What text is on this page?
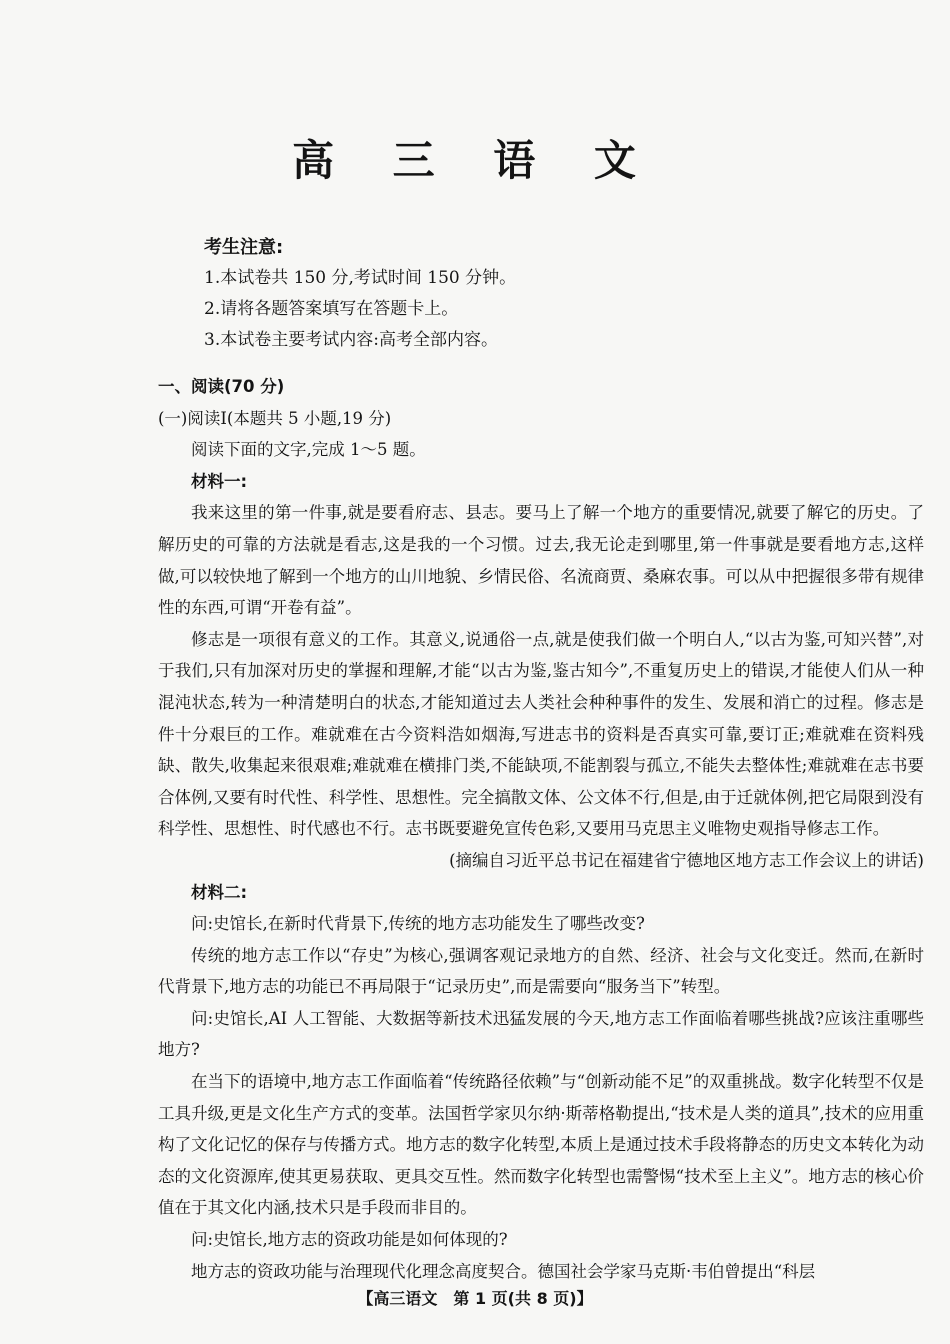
高 三 语 文
考生注意:
1.本试卷共 150 分,考试时间 150 分钟。
2.请将各题答案填写在答题卡上。
3.本试卷主要考试内容:高考全部内容。
一、阅读(70 分)
(一)阅读Ⅰ(本题共 5 小题,19 分)
阅读下面的文字,完成 1～5 题。
材料一:

我来这里的第一件事,就是要看府志、县志。要马上了解一个地方的重要情况,就要了解它的历史。了解历史的可靠的方法就是看志,这是我的一个习惯。过去,我无论走到哪里,第一件事就是要看地方志,这样做,可以较快地了解到一个地方的山川地貌、乡情民俗、名流商贾、桑麻农事。可以从中把握很多带有规律性的东西,可谓“开卷有益”。

修志是一项很有意义的工作。其意义,说通俗一点,就是使我们做一个明白人,“以古为鉴,可知兴替”,对于我们,只有加深对历史的掌握和理解,才能“以古为鉴,鉴古知今”,不重复历史上的错误,才能使人们从一种混沌状态,转为一种清楚明白的状态,才能知道过去人类社会种种事件的发生、发展和消亡的过程。修志是件十分艰巨的工作。难就难在古今资料浩如烟海,写进志书的资料是否真实可靠,要订正;难就难在资料残缺、散失,收集起来很艰难;难就难在横排门类,不能缺项,不能割裂与孤立,不能失去整体性;难就难在志书要合体例,又要有时代性、科学性、思想性。完全搞散文体、公文体不行,但是,由于迁就体例,把它局限到没有科学性、思想性、时代感也不行。志书既要避免宣传色彩,又要用马克思主义唯物史观指导修志工作。

(摘编自习近平总书记在福建省宁德地区地方志工作会议上的讲话)

材料二:

问:史馆长,在新时代背景下,传统的地方志功能发生了哪些改变?

传统的地方志工作以“存史”为核心,强调客观记录地方的自然、经济、社会与文化变迁。然而,在新时代背景下,地方志的功能已不再局限于“记录历史”,而是需要向“服务当下”转型。

问:史馆长,AI 人工智能、大数据等新技术迅猛发展的今天,地方志工作面临着哪些挑战?应该注重哪些地方?

在当下的语境中,地方志工作面临着“传统路径依赖”与“创新动能不足”的双重挑战。数字化转型不仅是工具升级,更是文化生产方式的变革。法国哲学家贝尔纳·斯蒂格勒提出,“技术是人类的道具”,技术的应用重构了文化记忆的保存与传播方式。地方志的数字化转型,本质上是通过技术手段将静态的历史文本转化为动态的文化资源库,使其更易获取、更具交互性。然而数字化转型也需警惕“技术至上主义”。地方志的核心价值在于其文化内涵,技术只是手段而非目的。

问:史馆长,地方志的资政功能是如何体现的?

地方志的资政功能与治理现代化理念高度契合。德国社会学家马克斯·韦伯曾提出“科层

【高三语文　第 1 页(共 8 页)】
